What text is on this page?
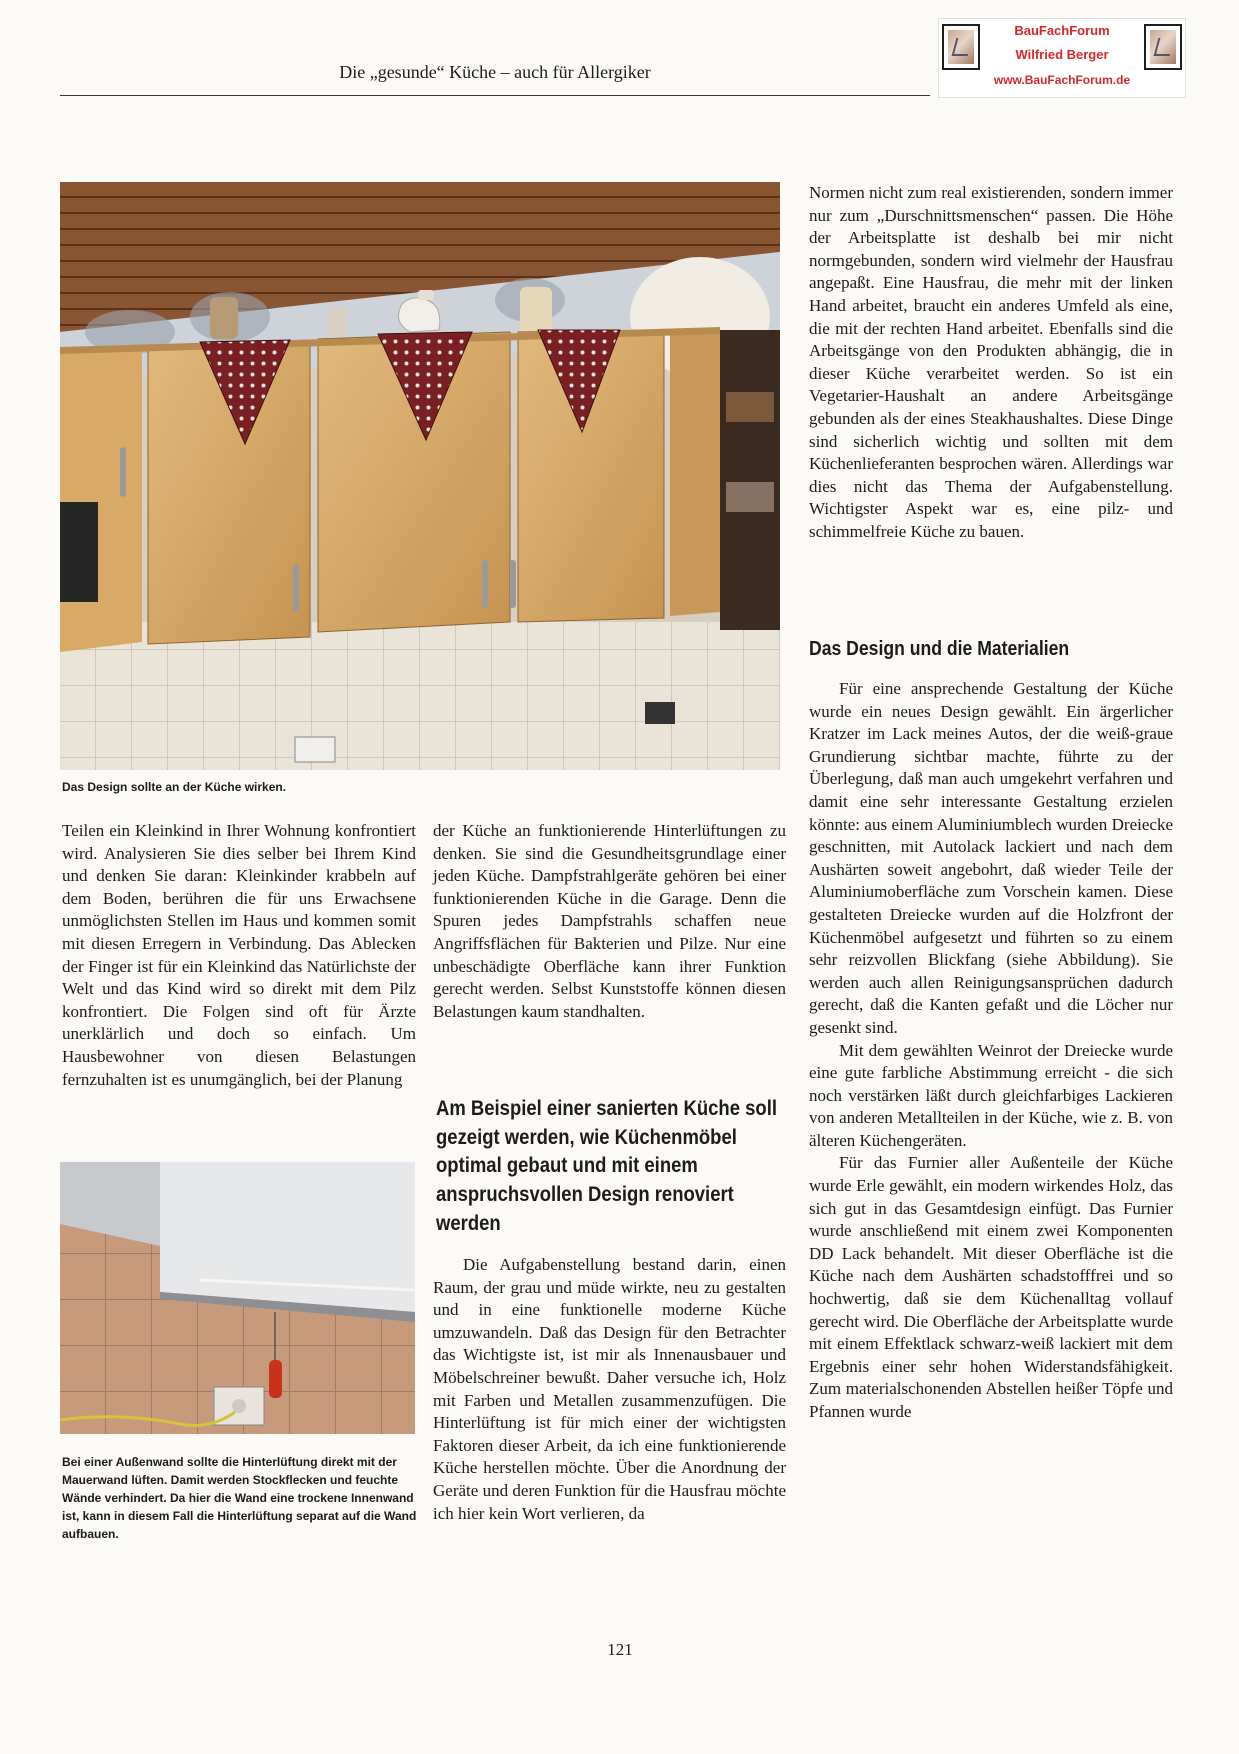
Die „gesunde“ Küche – auch für Allergiker
BauFachForum
Wilfried Berger
www.BauFachForum.de
Das Design sollte an der Küche wirken.

Teilen ein Kleinkind in Ihrer Wohnung konfrontiert wird. Analysieren Sie dies selber bei Ihrem Kind und denken Sie daran: Kleinkinder krabbeln auf dem Boden, berühren die für uns Erwachsene unmöglichsten Stellen im Haus und kommen somit mit diesen Erregern in Verbindung. Das Ablecken der Finger ist für ein Kleinkind das Natürlichste der Welt und das Kind wird so direkt mit dem Pilz konfrontiert. Die Folgen sind oft für Ärzte unerklärlich und doch so einfach. Um Hausbewohner von diesen Belastungen fernzuhalten ist es unumgänglich, bei der Planung

Bei einer Außenwand sollte die Hinterlüftung direkt mit der Mauerwand lüften. Damit werden Stockflecken und feuchte Wände verhindert. Da hier die Wand eine trockene Innenwand ist, kann in diesem Fall die Hinterlüftung separat auf die Wand aufbauen.

der Küche an funktionierende Hinterlüftungen zu denken. Sie sind die Gesundheitsgrundlage einer jeden Küche. Dampfstrahlgeräte gehören bei einer funktionierenden Küche in die Garage. Denn die Spuren jedes Dampfstrahls schaffen neue Angriffsflächen für Bakterien und Pilze. Nur eine unbeschädigte Oberfläche kann ihrer Funktion gerecht werden. Selbst Kunststoffe können diesen Belastungen kaum standhalten.

Am Beispiel einer sanierten Küche soll gezeigt werden, wie Küchenmöbel optimal gebaut und mit einem anspruchsvollen Design renoviert werden

Die Aufgabenstellung bestand darin, einen Raum, der grau und müde wirkte, neu zu gestalten und in eine funktionelle moderne Küche umzuwandeln. Daß das Design für den Betrachter das Wichtigste ist, ist mir als Innenausbauer und Möbelschreiner bewußt. Daher versuche ich, Holz mit Farben und Metallen zusammenzufügen. Die Hinterlüftung ist für mich einer der wichtigsten Faktoren dieser Arbeit, da ich eine funktionierende Küche herstellen möchte. Über die Anordnung der Geräte und deren Funktion für die Hausfrau möchte ich hier kein Wort verlieren, da

Normen nicht zum real existierenden, sondern immer nur zum „Durschnittsmenschen“ passen. Die Höhe der Arbeitsplatte ist deshalb bei mir nicht normgebunden, sondern wird vielmehr der Hausfrau angepaßt. Eine Hausfrau, die mehr mit der linken Hand arbeitet, braucht ein anderes Umfeld als eine, die mit der rechten Hand arbeitet. Ebenfalls sind die Arbeitsgänge von den Produkten abhängig, die in dieser Küche verarbeitet werden. So ist ein Vegetarier-Haushalt an andere Arbeitsgänge gebunden als der eines Steakhaushaltes. Diese Dinge sind sicherlich wichtig und sollten mit dem Küchenlieferanten besprochen wären. Allerdings war dies nicht das Thema der Aufgabenstellung. Wichtigster Aspekt war es, eine pilz- und schimmelfreie Küche zu bauen.

Das Design und die Materialien

Für eine ansprechende Gestaltung der Küche wurde ein neues Design gewählt. Ein ärgerlicher Kratzer im Lack meines Autos, der die weiß-graue Grundierung sichtbar machte, führte zu der Überlegung, daß man auch umgekehrt verfahren und damit eine sehr interessante Gestaltung erzielen könnte: aus einem Aluminiumblech wurden Dreiecke geschnitten, mit Autolack lackiert und nach dem Aushärten soweit angebohrt, daß wieder Teile der Aluminiumoberfläche zum Vorschein kamen. Diese gestalteten Dreiecke wurden auf die Holzfront der Küchenmöbel aufgesetzt und führten so zu einem sehr reizvollen Blickfang (siehe Abbildung). Sie werden auch allen Reinigungsansprüchen dadurch gerecht, daß die Kanten gefaßt und die Löcher nur gesenkt sind.

Mit dem gewählten Weinrot der Dreiecke wurde eine gute farbliche Abstimmung erreicht - die sich noch verstärken läßt durch gleichfarbiges Lackieren von anderen Metallteilen in der Küche, wie z. B. von älteren Küchengeräten.

Für das Furnier aller Außenteile der Küche wurde Erle gewählt, ein modern wirkendes Holz, das sich gut in das Gesamtdesign einfügt. Das Furnier wurde anschließend mit einem zwei Komponenten DD Lack behandelt. Mit dieser Oberfläche ist die Küche nach dem Aushärten schadstofffrei und so hochwertig, daß sie dem Küchenalltag vollauf gerecht wird. Die Oberfläche der Arbeitsplatte wurde mit einem Effektlack schwarz-weiß lackiert mit dem Ergebnis einer sehr hohen Widerstandsfähigkeit. Zum materialschonenden Abstellen heißer Töpfe und Pfannen wurde

121
